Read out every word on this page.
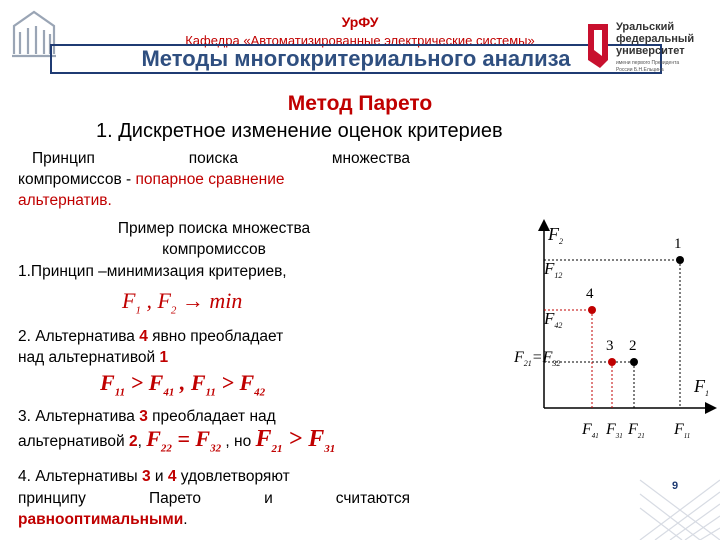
УрФУ
Кафедра «Автоматизированные электрические системы»
Методы многокритериального анализа
Уральский
федеральный
университет
имени первого Президента
России Б.Н.Ельцина
Метод Парето
1. Дискретное изменение оценок критериев
Принцип	поиска	множества
компромиссов - попарное сравнение
альтернатив.
Пример поиска множества
компромиссов
1.Принцип –минимизация критериев,
$F_1$ , $F_2 \to \min$
2. Альтернатива 4 явно преобладает
над альтернативой 1
$F_{11} > F_{41}$ , $F_{11} > F_{42}$
3. Альтернатива 3 преобладает над
альтернативой 2, $F_{22} = F_{32}$ , но $F_{21} > F_{31}$
4. Альтернативы 3 и 4 удовлетворяют
принципу	Парето	и	считаются
равнооптимальными.
1
4
3 2
$F_2$
$F_1$
$F_{12}$
$F_{42}$
$F_{21}=F_{32}$
$F_{41}$ $F_{31}$ $F_{21}$ $F_{11}$
9
